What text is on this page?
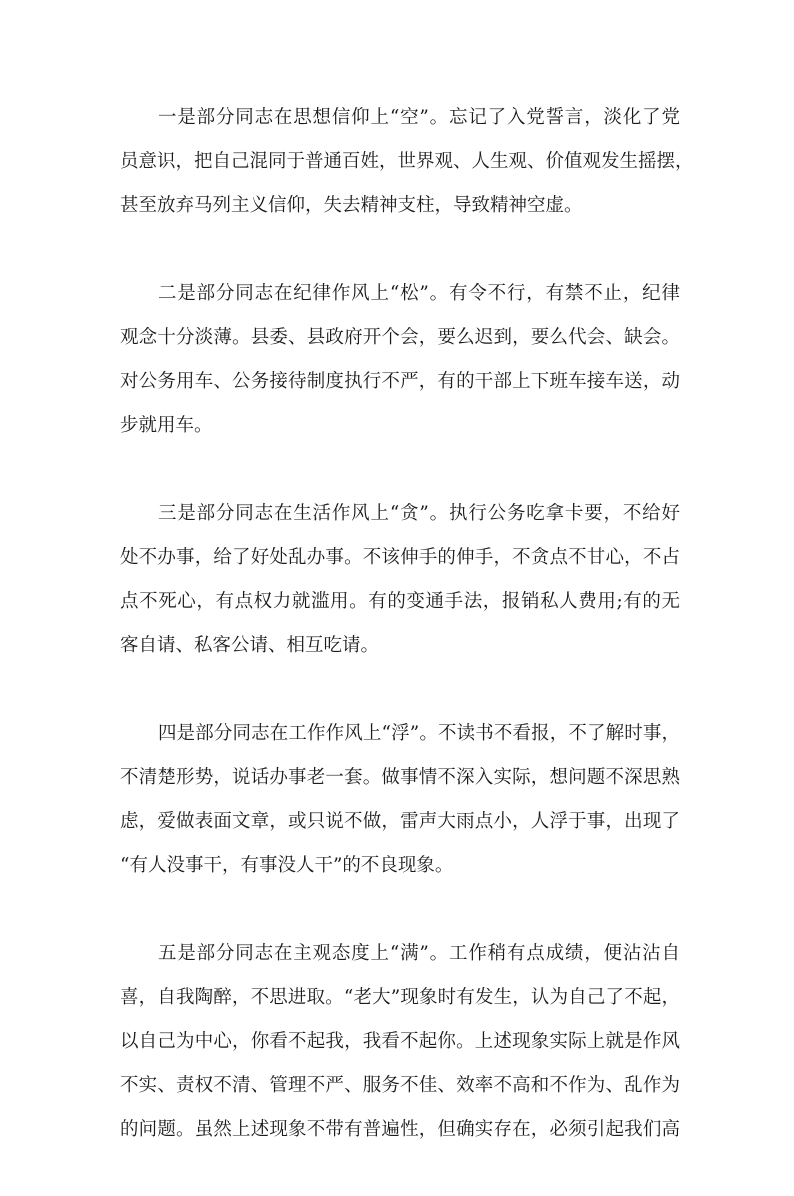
一是部分同志在思想信仰上“空”。忘记了入党誓言，淡化了党
员意识，把自己混同于普通百姓，世界观、人生观、价值观发生摇摆，
甚至放弃马列主义信仰，失去精神支柱，导致精神空虚。

二是部分同志在纪律作风上“松”。有令不行，有禁不止，纪律
观念十分淡薄。县委、县政府开个会，要么迟到，要么代会、缺会。
对公务用车、公务接待制度执行不严，有的干部上下班车接车送，动
步就用车。

三是部分同志在生活作风上“贪”。执行公务吃拿卡要，不给好
处不办事，给了好处乱办事。不该伸手的伸手，不贪点不甘心，不占
点不死心，有点权力就滥用。有的变通手法，报销私人费用;有的无
客自请、私客公请、相互吃请。

四是部分同志在工作作风上“浮”。不读书不看报，不了解时事，
不清楚形势，说话办事老一套。做事情不深入实际，想问题不深思熟
虑，爱做表面文章，或只说不做，雷声大雨点小，人浮于事，出现了
“有人没事干，有事没人干”的不良现象。

五是部分同志在主观态度上“满”。工作稍有点成绩，便沾沾自
喜，自我陶醉，不思进取。“老大”现象时有发生，认为自己了不起，
以自己为中心，你看不起我，我看不起你。上述现象实际上就是作风
不实、责权不清、管理不严、服务不佳、效率不高和不作为、乱作为
的问题。虽然上述现象不带有普遍性，但确实存在，必须引起我们高
